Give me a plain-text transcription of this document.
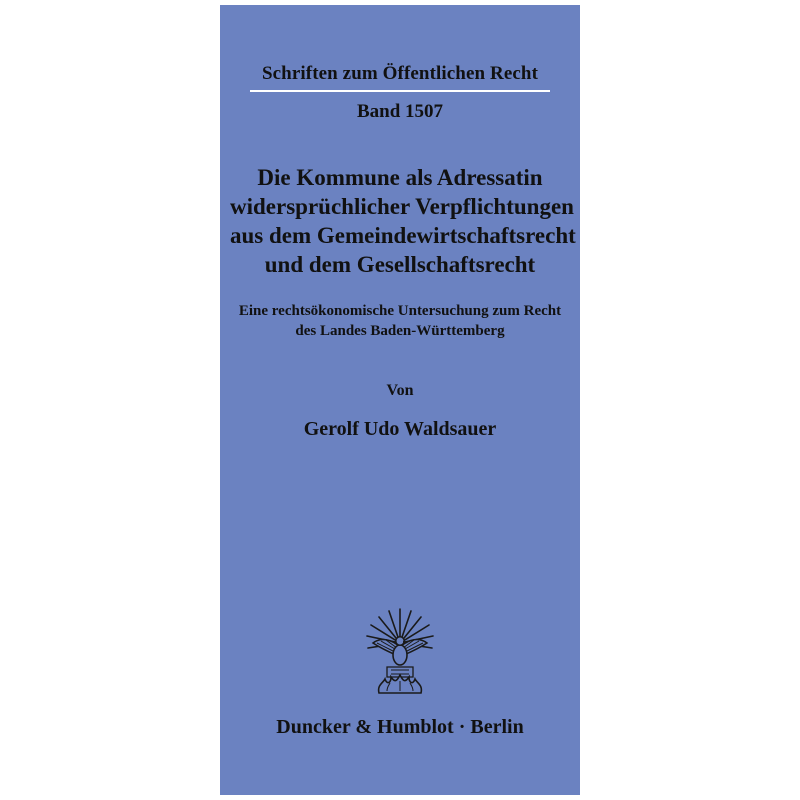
Schriften zum Öffentlichen Recht
Band 1507
Die Kommune als Adressatin
widersprüchlicher Verpflichtungen
aus dem Gemeindewirtschaftsrecht
und dem Gesellschaftsrecht
Eine rechtsökonomische Untersuchung zum Recht
des Landes Baden-Württemberg
Von
Gerolf Udo Waldsauer
Duncker & Humblot · Berlin
